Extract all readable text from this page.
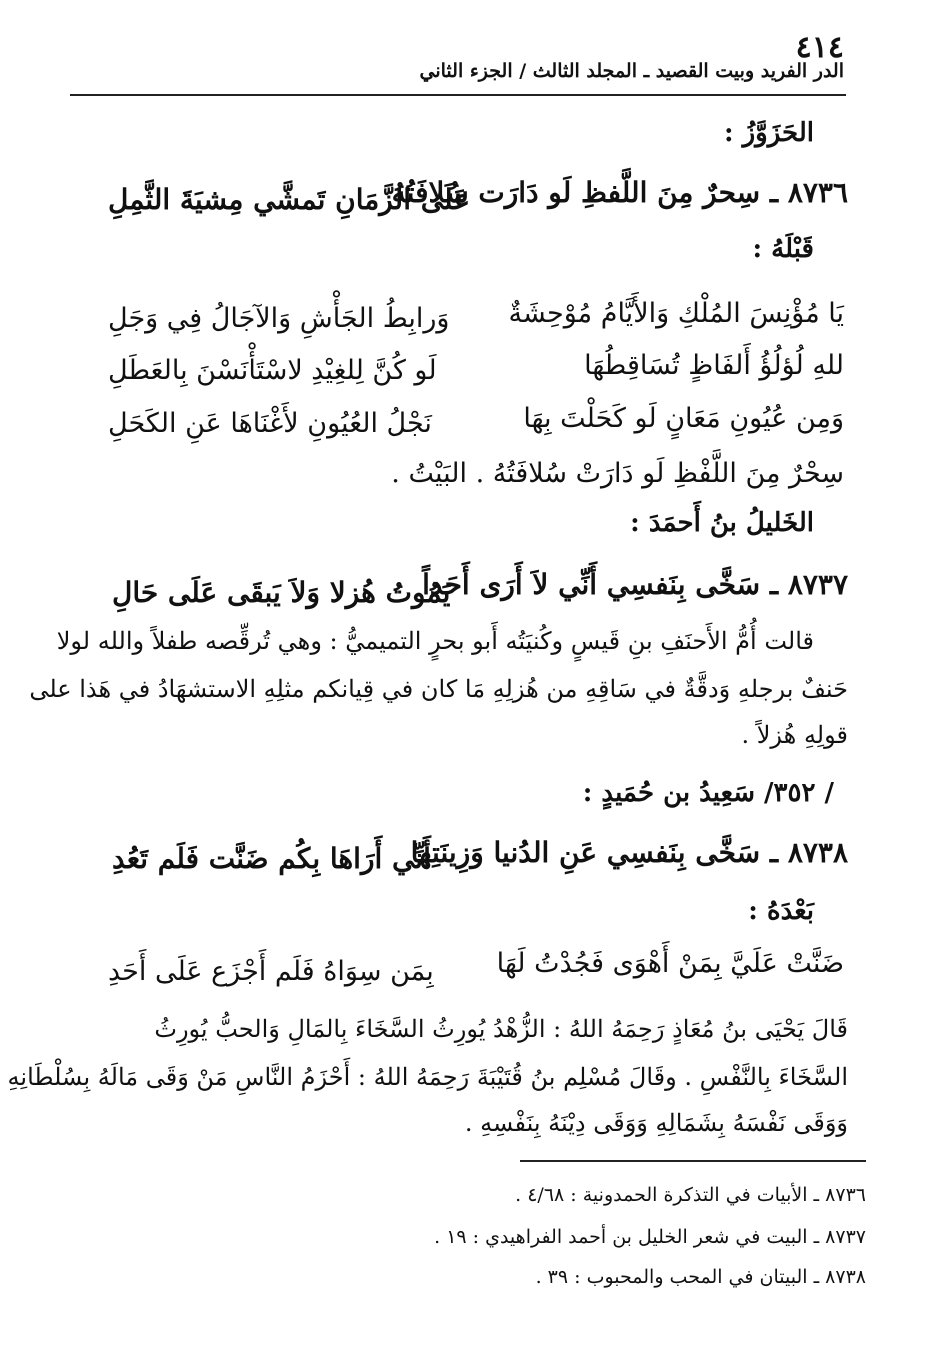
٤١٤
الدر الفريد وبيت القصيد ـ المجلد الثالث / الجزء الثاني
الحَزَوَّزُ :
٨٧٣٦ ـ سِحرٌ مِنَ اللَّفظِ لَو دَارَت سُلافَتُهُ
عَلَى الزَّمَانِ تَمشَّي مِشيَةَ الثَّمِلِ
قَبْلَهُ :
يَا مُؤْنِسَ المُلْكِ وَالأَيَّامُ مُوْحِشَةٌ
وَرابِطُ الجَأْشِ وَالآجَالُ فِي وَجَلِ
للهِ لُؤلُؤُ أَلفَاظٍ تُسَاقِطُهَا
لَو كُنَّ لِلغِيْدِ لاسْتَأْنَسْنَ بِالعَطَلِ
وَمِن عُيُونِ مَعَانٍ لَو كَحَلْتَ بِهَا
نَجْلُ العُيُونِ لأَغْنَاهَا عَنِ الكَحَلِ
سِحْرٌ مِنَ اللَّفْظِ لَو دَارَتْ سُلافَتُهُ . البَيْتُ .
الخَليلُ بنُ أَحمَدَ :
٨٧٣٧ ـ سَخَّى بِنَفسِي أَنِّي لاَ أَرَى أَحَداً
يَمُوتُ هُزلا وَلاَ يَبقَى عَلَى حَالِ
قالت أُمُّ الأَحنَفِ بنِ قَيسٍ وكُنيَتُه أَبو بحرٍ التميميُّ : وهي تُرقِّصه طفلاً والله لولا
حَنفٌ برجلهِ وَدقَّةٌ في سَاقِهِ من هُزلِهِ مَا كان في قِيانكم مثلِهِ الاستشهَادُ في هَذا على
قولِهِ هُزلاً .
/ ٣٥٢/ سَعِيدُ بن حُمَيدٍ :
٨٧٣٨ ـ سَخَّى بِنَفسِي عَنِ الدُنيا وَزِينَتِها
أَنِّي أَرَاهَا بِكُم ضَنَّت فَلَم تَعُدِ
بَعْدَهُ :
ضَنَّتْ عَلَيَّ بِمَنْ أَهْوَى فَجُدْتُ لَهَا
بِمَن سِوَاهُ فَلَم أَجْزَع عَلَى أَحَدِ
قَالَ يَحْيَى بنُ مُعَاذٍ رَحِمَهُ اللهُ : الزُّهْدُ يُورِثُ السَّخَاءَ بِالمَالِ وَالحبُّ يُورِثُ
السَّخَاءَ بِالنَّفْسِ . وقَالَ مُسْلِم بنُ قُتَيْبَةَ رَحِمَهُ اللهُ : أَحْزَمُ النَّاسِ مَنْ وَقَى مَالَهُ بِسُلْطَانِهِ
وَوَقَى نَفْسَهُ بِشَمَالِهِ وَوَقَى دِيْنَهُ بِنَفْسِهِ .
٨٧٣٦ ـ الأبيات في التذكرة الحمدونية : ٤/٦٨ .
٨٧٣٧ ـ البيت في شعر الخليل بن أحمد الفراهيدي : ١٩ .
٨٧٣٨ ـ البيتان في المحب والمحبوب : ٣٩ .
